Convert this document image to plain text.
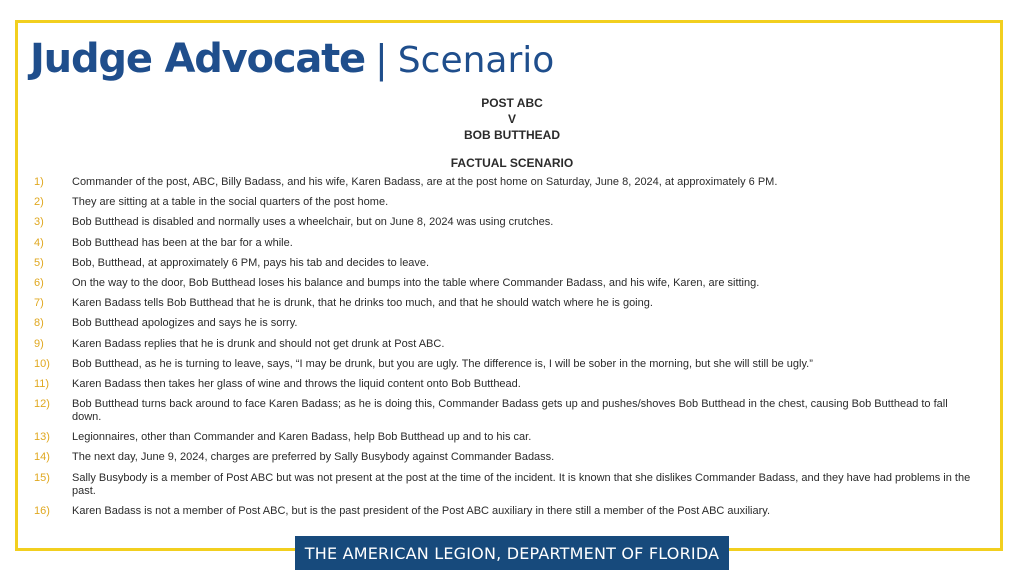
Judge Advocate | Scenario
POST ABC
V
BOB BUTTHEAD
FACTUAL SCENARIO
1)	Commander of the post, ABC, Billy Badass, and his wife, Karen Badass, are at the post home on Saturday, June 8, 2024, at approximately 6 PM.
2)	They are sitting at a table in the social quarters of the post home.
3)	Bob Butthead is disabled and normally uses a wheelchair, but on June 8, 2024 was using crutches.
4)	Bob Butthead has been at the bar for a while.
5)	Bob, Butthead, at approximately 6 PM, pays his tab and decides to leave.
6)	On the way to the door, Bob Butthead loses his balance and bumps into the table where Commander Badass, and his wife, Karen, are sitting.
7)	Karen Badass tells Bob Butthead that he is drunk, that he drinks too much, and that he should watch where he is going.
8)	Bob Butthead apologizes and says he is sorry.
9)	Karen Badass replies that he is drunk and should not get drunk at Post ABC.
10)	Bob Butthead, as he is turning to leave, says, “I may be drunk, but you are ugly. The difference is, I will be sober in the morning, but she will still be ugly.”
11)	Karen Badass then takes her glass of wine and throws the liquid content onto Bob Butthead.
12)	Bob Butthead turns back around to face Karen Badass; as he is doing this, Commander Badass gets up and pushes/shoves Bob Butthead in the chest, causing Bob Butthead to fall down.
13)	Legionnaires, other than Commander and Karen Badass, help Bob Butthead up and to his car.
14)	The next day, June 9, 2024, charges are preferred by Sally Busybody against Commander Badass.
15)	Sally Busybody is a member of Post ABC but was not present at the post at the time of the incident. It is known that she dislikes Commander Badass, and they have had problems in the past.
16)	Karen Badass is not a member of Post ABC, but is the past president of the Post ABC auxiliary in there still a member of the Post ABC auxiliary.
THE AMERICAN LEGION, DEPARTMENT OF FLORIDA
